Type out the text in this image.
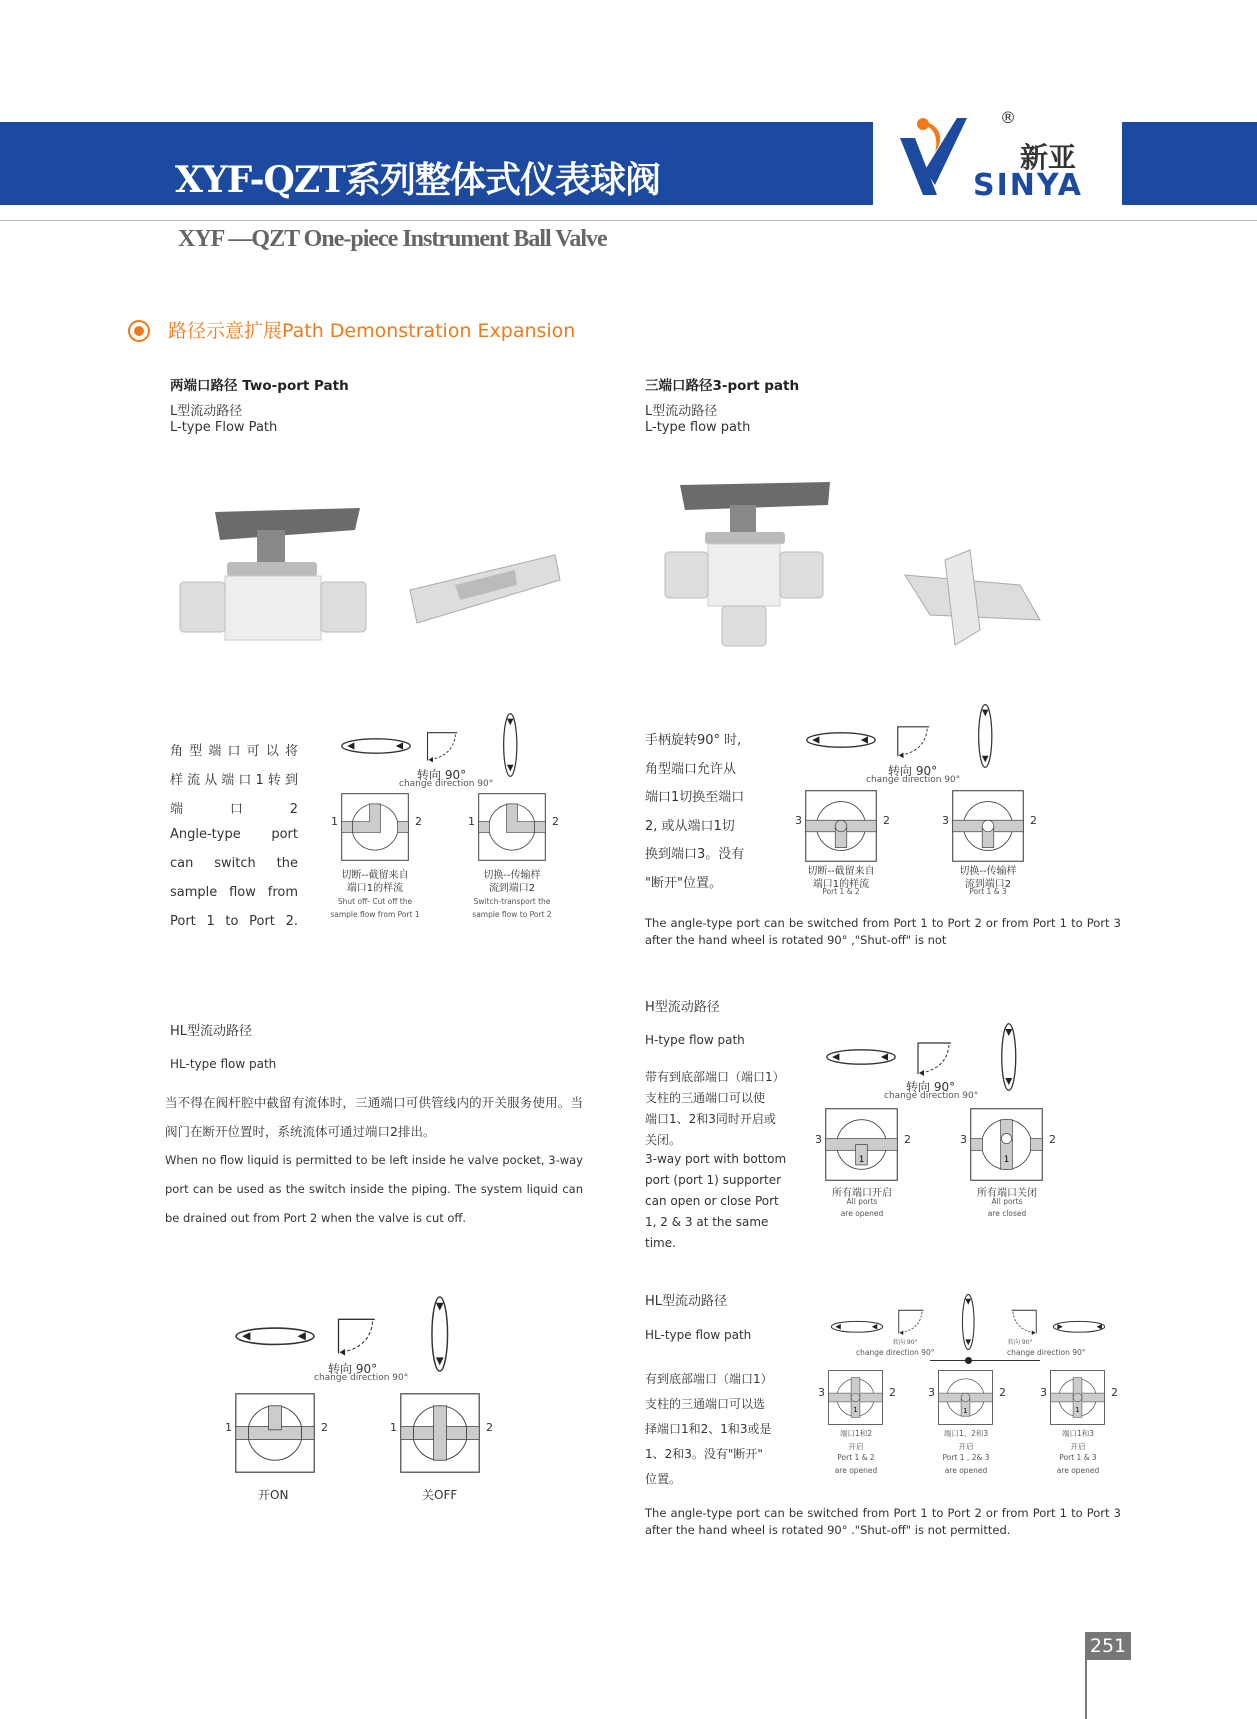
XYF-QZT系列整体式仪表球阀
XYF —QZT One-piece Instrument Ball Valve
®
新亚
SINYA
路径示意扩展Path Demonstration Expansion
两端口路径 Two-port Path
L型流动路径
L-type Flow Path
三端口路径3-port path
L型流动路径
L-type flow path
HL型流动路径
HL-type flow path
当不得在阀杆腔中截留有流体时，三通端口可供管线内的开关服务使用。当阀门在断开位置时，系统流体可通过端口2排出。
When no flow liquid is permitted to be left inside he valve pocket, 3-way port can be used as the switch inside the piping. The system liquid can be drained out from Port 2 when the valve is cut off.
H型流动路径
H-type flow path
HL型流动路径
HL-type flow path
The angle-type port can be switched from Port 1 to Port 2 or from Port 1 to Port 3 after the hand wheel is rotated 90° ."Shut-off" is not permitted.
The angle-type port can be switched from Port 1 to Port 2 or from Port 1 to Port 3 after the hand wheel is rotated 90° ,"Shut-off" is not
251
角型端口可以将
样流从端口1转到
端口2
Angle-type port
can switch the
sample flow from
Port 1 to Port 2.
手柄旋转90° 时,
角型端口允许从
端口1切换至端口
2, 或从端口1切
换到端口3。没有
"断开"位置。
带有到底部端口（端口1）
支柱的三通端口可以使
端口1、2和3同时开启或
关闭。
3-way port with bottom
port (port 1) supporter
can open or close Port
1, 2 & 3 at the same
time.
有到底部端口（端口1）
支柱的三通端口可以选
择端口1和2、1和3或是
1、2和3。没有"断开"
位置。
转向 90°
change direction 90°
1	2	1	2
切断--截留来自
端口1的样流
Shut off- Cut off the
sample flow from Port 1
切换--传输样
流到端口2
Switch-transport the
sample flow to Port 2
转向 90°
change direction 90°
3	2	3	2
切断--截留来自
端口1的样流
Port 1 & 2
切换--传输样
流到端口2
Port 1 & 3
转向 90°
change direction 90°
1	2	1	2
开ON	关OFF
转向 90°
change direction 90°
1
3	2
1
3	2
所有端口开启
All ports
are opened
所有端口关闭
All ports
are closed
转向 90°	转向 90°
change direction 90°	change direction 90°
1
3	2
端口1和2
开启
Port 1 & 2
are opened
1
3	2
端口1、2和3
开启
Port 1 , 2& 3
are opened
1
3	2
端口1和3
开启
Port 1 & 3
are opened
